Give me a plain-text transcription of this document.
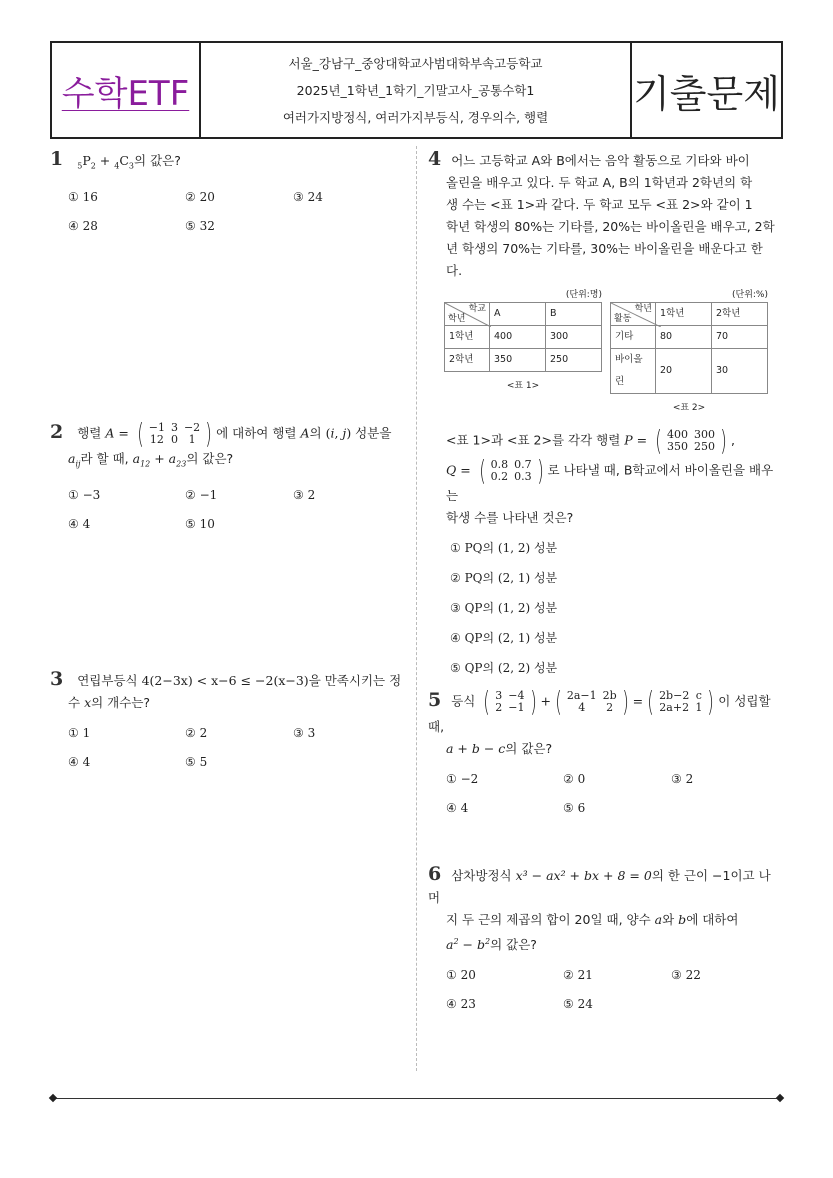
수학ETF
서울_강남구_중앙대학교사범대학부속고등학교
2025년_1학년_1학기_기말고사_공통수학1
여러가지방정식, 여러가지부등식, 경우의수, 행렬
기출문제
1 $_5P_2 + _4C_3$의 값은?
① 16	② 20	③ 24
④ 28	⑤ 32
2 행렬 A = ( −1	3	−2
12	0	1 ) 에 대하여 행렬 A의 (i, j) 성분을
$a_{ij}$라 할 때, $a_{12} + a_{23}$의 값은?
① −3	② −1	③ 2
④ 4	⑤ 10
3 연립부등식 4(2−3x) < x−6 ≤ −2(x−3)을 만족시키는 정
수 x의 개수는?
① 1	② 2	③ 3
④ 4	⑤ 5
4 어느 고등학교 A와 B에서는 음악 활동으로 기타와 바이
올린을 배우고 있다. 두 학교 A, B의 1학년과 2학년의 학
생 수는 <표 1>과 같다. 두 학교 모두 <표 2>와 같이 1
학년 학생의 80%는 기타를, 20%는 바이올린을 배우고, 2학
년 학생의 70%는 기타를, 30%는 바이올린을 배운다고 한
다.
(단위:명)
학교
학년	A	B
1학년	400	300
2학년	350	250
<표 1>
(단위:%)
학년
활동	1학년	2학년
기타	80	70
바이올린	20	30
<표 2>
<표 1>과 <표 2>를 각각 행렬 P = ( 400	300
350	250 ) ,
Q = ( 0.8	0.7
0.2	0.3 ) 로 나타낼 때, B학교에서 바이올린을 배우는
학생 수를 나타낸 것은?
① PQ의 (1, 2) 성분
② PQ의 (2, 1) 성분
③ QP의 (1, 2) 성분
④ QP의 (2, 1) 성분
⑤ QP의 (2, 2) 성분
5 등식 ( 3	−4
2	−1 ) + ( 2a−1	2b
4	2 ) = ( 2b−2	c
2a+2	1 ) 이 성립할 때,
a + b − c의 값은?
① −2	② 0	③ 2
④ 4	⑤ 6
6 삼차방정식 x³ − ax² + bx + 8 = 0의 한 근이 −1이고 나머
지 두 근의 제곱의 합이 20일 때, 양수 a와 b에 대하여
$a^2 - b^2$의 값은?
① 20	② 21	③ 22
④ 23	⑤ 24
